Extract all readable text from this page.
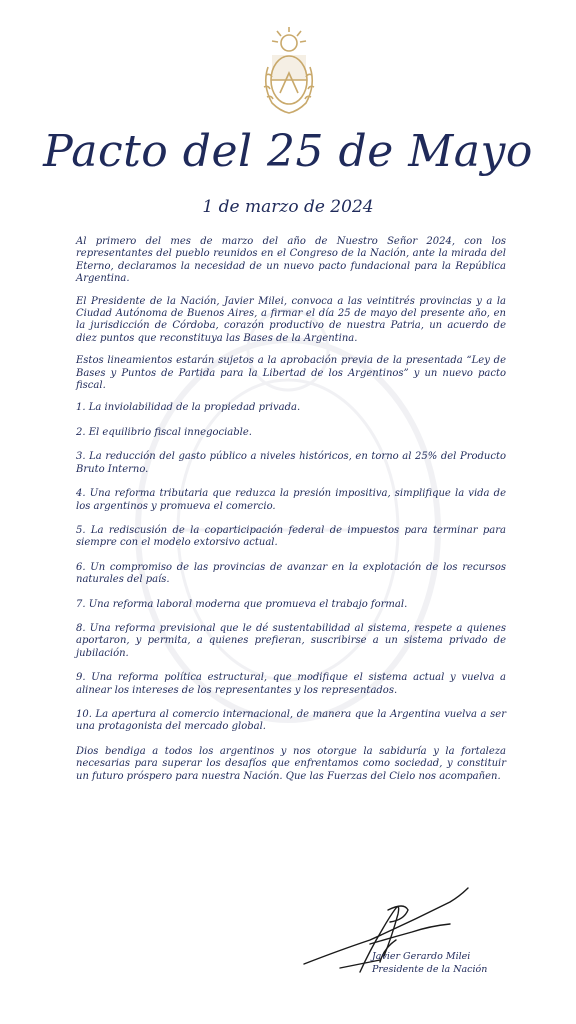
Pacto del 25 de Mayo
1 de marzo de 2024

Al primero del mes de marzo del año de Nuestro Señor 2024, con los representantes del pueblo reunidos en el Congreso de la Nación, ante la mirada del Eterno, declaramos la necesidad de un nuevo pacto fundacional para la República Argentina.

El Presidente de la Nación, Javier Milei, convoca a las veintitrés provincias y a la Ciudad Autónoma de Buenos Aires, a firmar el día 25 de mayo del presente año, en la jurisdicción de Córdoba, corazón productivo de nuestra Patria, un acuerdo de diez puntos que reconstituya las Bases de la Argentina.

Estos lineamientos estarán sujetos a la aprobación previa de la presentada “Ley de Bases y Puntos de Partida para la Libertad de los Argentinos” y un nuevo pacto fiscal.

1. La inviolabilidad de la propiedad privada.

2. El equilibrio fiscal innegociable.

3. La reducción del gasto público a niveles históricos, en torno al 25% del Producto Bruto Interno.

4. Una reforma tributaria que reduzca la presión impositiva, simplifique la vida de los argentinos y promueva el comercio.

5. La rediscusión de la coparticipación federal de impuestos para terminar para siempre con el modelo extorsivo actual.

6. Un compromiso de las provincias de avanzar en la explotación de los recursos naturales del país.

7. Una reforma laboral moderna que promueva el trabajo formal.

8. Una reforma previsional que le dé sustentabilidad al sistema, respete a quienes aportaron, y permita, a quienes prefieran, suscribirse a un sistema privado de jubilación.

9. Una reforma política estructural, que modifique el sistema actual y vuelva a alinear los intereses de los representantes y los representados.

10. La apertura al comercio internacional, de manera que la Argentina vuelva a ser una protagonista del mercado global.

Dios bendiga a todos los argentinos y nos otorgue la sabiduría y la fortaleza necesarias para superar los desafíos que enfrentamos como sociedad, y constituir un futuro próspero para nuestra Nación. Que las Fuerzas del Cielo nos acompañen.

Javier Gerardo Milei
Presidente de la Nación
